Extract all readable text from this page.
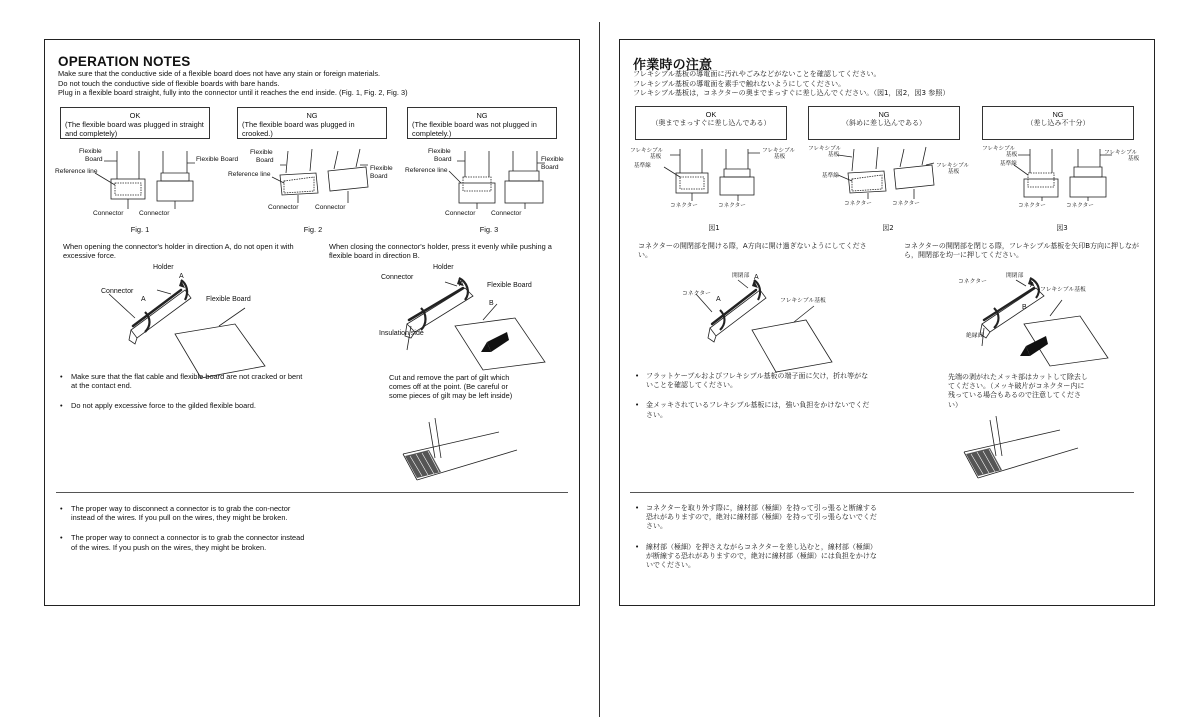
OPERATION NOTES
Make sure that the conductive side of a flexible board does not have any stain or foreign materials.
Do not touch the conductive side of flexible boards with bare hands.
Plug in a flexible board straight, fully into the connector until it reaches the end inside. (Fig. 1, Fig. 2, Fig. 3)
OK
(The flexible board was plugged in straight and completely)
NG
(The flexible board was plugged in crooked.)
NG
(The flexible board was not plugged in completely.)
Flexible
Board
Reference line
Flexible Board
Connector Connector
Fig. 1
Flexible
Board
Reference line
Flexible
Board
Connector	Connector
Fig. 2
Flexible
Board
Reference line
Flexible
Board
Connector Connector
Fig. 3
When opening the connector's holder in direction A, do not open it with excessive force.
When closing the connector's holder, press it evenly while pushing a flexible board in direction B.
Holder
A
Connector
A	Flexible Board
Holder
Connector
A	Flexible Board
B
Insulation side
• Make sure that the flat cable and flexible board are not cracked or bent at the contact end.
• Do not apply excessive force to the gilded flexible board.
Cut and remove the part of gilt which comes off at the point. (Be careful or some pieces of gilt may be left inside)
• The proper way to disconnect a connector is to grab the con-nector instead of the wires. If you pull on the wires, they might be broken.
• The proper way to connect a connector is to grab the connector instead of the wires. If you push on the wires, they might be broken.
作業時の注意
フレキシブル基板の導電面に汚れやごみなどがないことを確認してください。
フレキシブル基板の導電面を素手で触れないようにしてください。
フレキシブル基板は，コネクターの奥までまっすぐに差し込んでください。（図1，図2，図3 参照）
OK
（奥までまっすぐに差し込んである）
NG
（斜めに差し込んである）
NG
（差し込み不十分）
フレキシブル
基板
基準線
フレキシブル
基板
コネクター	コネクター
図1
フレキシブル
基板
基準線
フレキシブル
基板
コネクター	コネクター
図2
フレキシブル
基板
基準線
フレキシブル
基板
コネクター	コネクター
図3
コネクターの開閉部を開ける際，A方向に開け過ぎないようにしてください。
コネクターの開閉部を閉じる際，フレキシブル基板を矢印B方向に押しながら，開閉部を均一に押してください。
開閉部 A
コネクター
A	フレキシブル基板
開閉部
コネクター	A
フレキシブル基板
B
絶縁面
• フラットケーブルおよびフレキシブル基板の端子面に欠け，折れ等がないことを確認してください。
• 金メッキされているフレキシブル基板には，強い負担をかけないでください。
先端の剥がれたメッキ部はカットして除去してください。（メッキ破片がコネクター内に残っている場合もあるので注意してください）
• コネクターを取り外す際に，線材部（極細）を持って引っ張ると断線する恐れがありますので，絶対に線材部（極細）を持って引っ張らないでください。
• 線材部（極細）を押さえながらコネクターを差し込むと，線材部（極細）が断線する恐れがありますので，絶対に線材部（極細）には負担をかけないでください。
